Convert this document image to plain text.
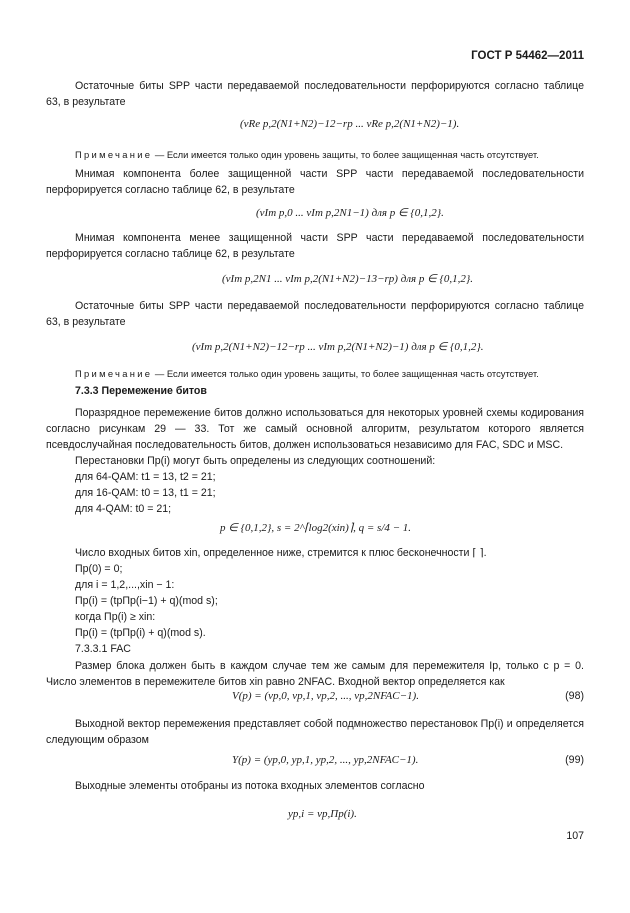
ГОСТ Р 54462—2011

Остаточные биты SPP части передаваемой последовательности перфорируются согласно таблице 63, в результате

(vRe p,2(N1+N2)−12−rp ... vRe p,2(N1+N2)−1).
Примечание — Если имеется только один уровень защиты, то более защищенная часть отсутствует.

Мнимая компонента более защищенной части SPP части передаваемой последовательности перфорируется согласно таблице 62, в результате

(vIm p,0 ... vIm p,2N1−1) для p ∈ {0,1,2}.

Мнимая компонента менее защищенной части SPP части передаваемой последовательности перфорируется согласно таблице 62, в результате

(vIm p,2N1 ... vIm p,2(N1+N2)−13−rp) для p ∈ {0,1,2}.

Остаточные биты SPP части передаваемой последовательности перфорируются согласно таблице 63, в результате

(vIm p,2(N1+N2)−12−rp ... vIm p,2(N1+N2)−1) для p ∈ {0,1,2}.
Примечание — Если имеется только один уровень защиты, то более защищенная часть отсутствует.
7.3.3 Перемежение битов

Поразрядное перемежение битов должно использоваться для некоторых уровней схемы кодирования согласно рисункам 29 — 33. Тот же самый основной алгоритм, результатом которого является псевдослучайная последовательность битов, должен использоваться независимо для FAC, SDC и MSC.

Перестановки Πp(i) могут быть определены из следующих соотношений:

для 64-QAM: t1 = 13, t2 = 21;
для 16-QAM: t0 = 13, t1 = 21;
для 4-QAM: t0 = 21;
p ∈ {0,1,2}, s = 2^⌈log2(xin)⌉, q = s/4 − 1.
Число входных битов xin, определенное ниже, стремится к плюс бесконечности ⌈ ⌉.
Πp(0) = 0;
для i = 1,2,...,xin − 1:
Πp(i) = (tpΠp(i−1) + q)(mod s);
когда Πp(i) ≥ xin:
Πp(i) = (tpΠp(i) + q)(mod s).
7.3.3.1 FAC

Размер блока должен быть в каждом случае тем же самым для перемежителя Ip, только с p = 0. Число элементов в перемежителе битов xin равно 2NFAC. Входной вектор определяется как

V(p) = (vp,0, vp,1, vp,2, ..., vp,2NFAC−1).	(98)

Выходной вектор перемежения представляет собой подмножество перестановок Πp(i) и определяется следующим образом

Y(p) = (yp,0, yp,1, yp,2, ..., yp,2NFAC−1).	(99)

Выходные элементы отобраны из потока входных элементов согласно

yp,i = vp,Πp(i).
107
